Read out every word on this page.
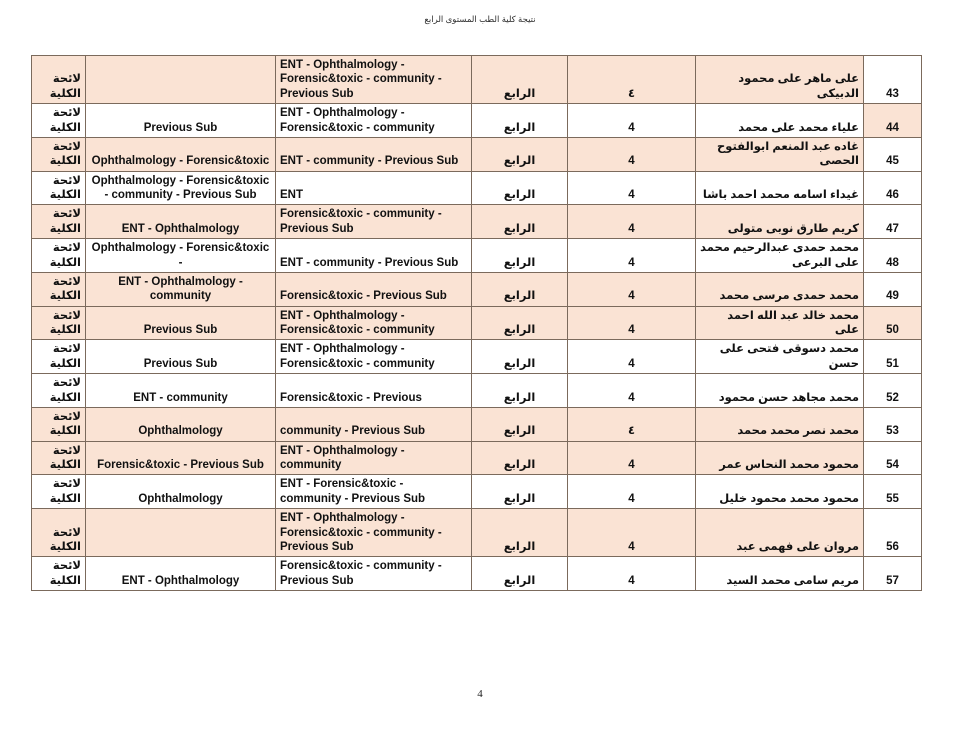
نتيجة كلية الطب المستوى الرابع
لائحة الكلية		ENT - Ophthalmology - Forensic&toxic - community - Previous Sub	الرابع	٤	على ماهر على محمود الدبيكى	43
لائحة الكلية	Previous Sub	ENT - Ophthalmology - Forensic&toxic - community	الرابع	4	علياء محمد على محمد	44
لائحة الكلية	Ophthalmology - Forensic&toxic	ENT - community - Previous Sub	الرابع	4	غاده عبد المنعم ابوالفتوح الحصى	45
لائحة الكلية	Ophthalmology - Forensic&toxic - community - Previous Sub	ENT	الرابع	4	غيداء اسامه محمد احمد باشا	46
لائحة الكلية	ENT - Ophthalmology	Forensic&toxic - community - Previous Sub	الرابع	4	كريم طارق نوبى متولى	47
لائحة الكلية	Ophthalmology - Forensic&toxic -	ENT - community - Previous Sub	الرابع	4	محمد حمدى عبدالرحيم محمد على البرعى	48
لائحة الكلية	ENT - Ophthalmology - community	Forensic&toxic - Previous Sub	الرابع	4	محمد حمدى مرسى محمد	49
لائحة الكلية	Previous Sub	ENT - Ophthalmology - Forensic&toxic - community	الرابع	4	محمد خالد عبد الله احمد على	50
لائحة الكلية	Previous Sub	ENT - Ophthalmology - Forensic&toxic - community	الرابع	4	محمد دسوقى فتحى على حسن	51
لائحة الكلية	ENT - community	Forensic&toxic - Previous	الرابع	4	محمد مجاهد حسن محمود	52
لائحة الكلية	Ophthalmology	community - Previous Sub	الرابع	٤	محمد نصر محمد محمد	53
لائحة الكلية	Forensic&toxic - Previous Sub	ENT - Ophthalmology - community	الرابع	4	محمود محمد النحاس عمر	54
لائحة الكلية	Ophthalmology	ENT - Forensic&toxic - community - Previous Sub	الرابع	4	محمود محمد محمود خليل	55
لائحة الكلية		ENT - Ophthalmology - Forensic&toxic - community - Previous Sub	الرابع	4	مروان على فهمى عبد	56
لائحة الكلية	ENT - Ophthalmology	Forensic&toxic - community - Previous Sub	الرابع	4	مريم سامى محمد السيد	57
4
